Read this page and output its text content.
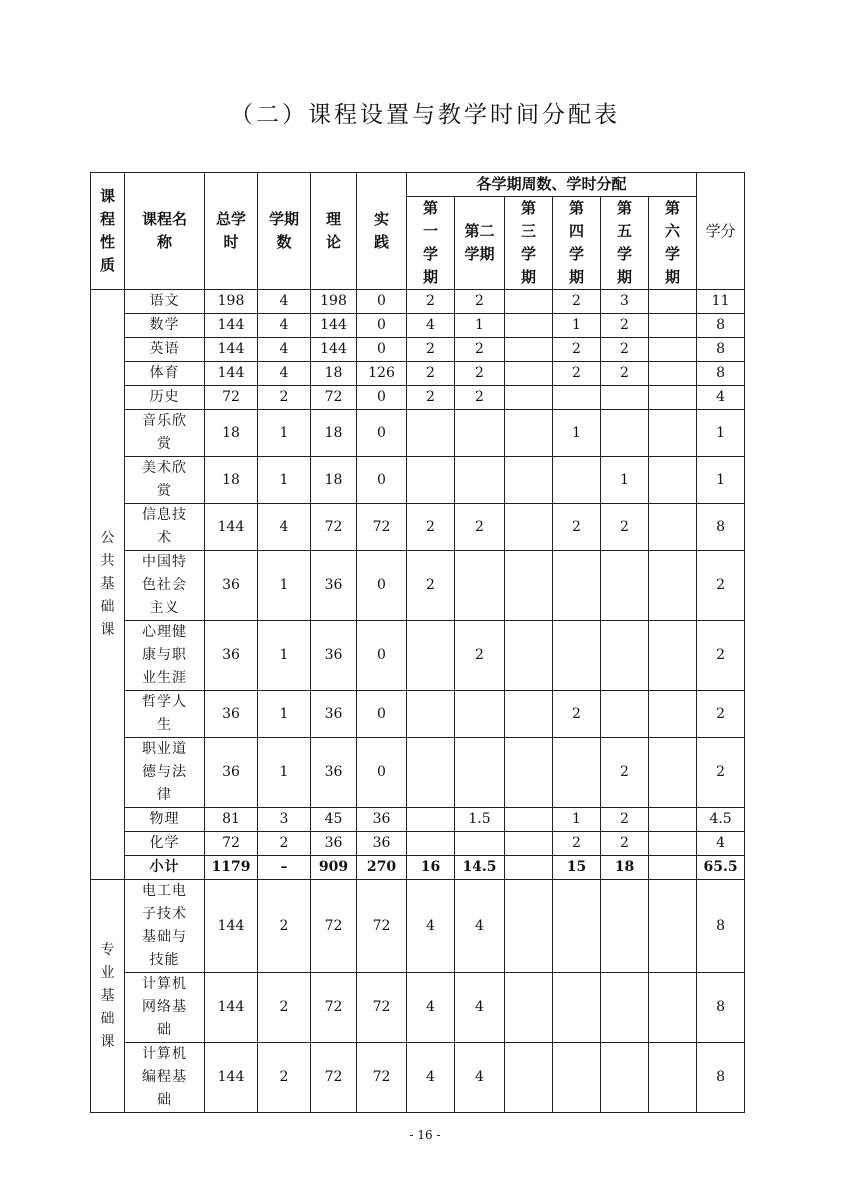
（二）课程设置与教学时间分配表
课程性质	课程名称	总学时	学期数	理论	实践	各学期周数、学时分配						学分

						第一学期	第二学期	第三学期	第四学期	第五学期	第六学期	

公共基础课	语文	198	4	198	0	2	2		2	3		11

	数学	144	4	144	0	4	1		1	2		8

	英语	144	4	144	0	2	2		2	2		8

	体育	144	4	18	126	2	2		2	2		8

	历史	72	2	72	0	2	2					4

	音乐欣赏	18	1	18	0				1			1

	美术欣赏	18	1	18	0					1		1

	信息技术	144	4	72	72	2	2		2	2		8

	中国特色社会主义	36	1	36	0	2						2

	心理健康与职业生涯	36	1	36	0		2					2

	哲学人生	36	1	36	0				2			2

	职业道德与法律	36	1	36	0					2		2

	物理	81	3	45	36		1.5		1	2		4.5

	化学	72	2	36	36				2	2		4

	小计	1179	–	909	270	16	14.5		15	18		65.5

专业基础课	电工电子技术基础与技能	144	2	72	72	4	4					8

	计算机网络基础	144	2	72	72	4	4					8

	计算机编程基础	144	2	72	72	4	4					8
- 16 -
